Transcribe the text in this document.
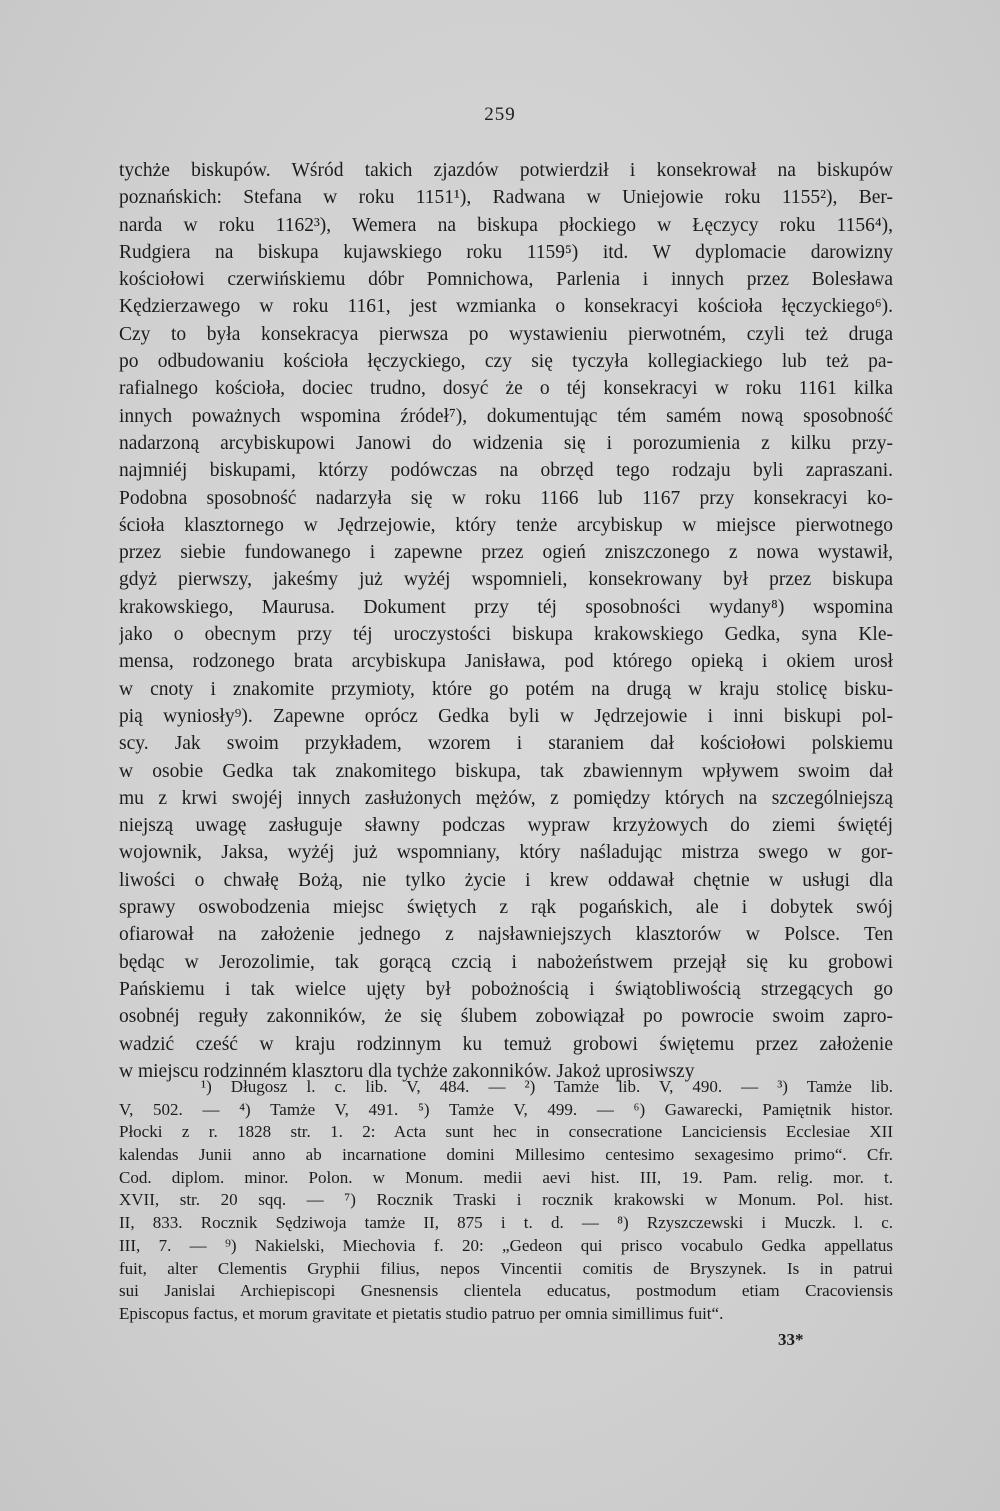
259
tychże biskupów. Wśród takich zjazdów potwierdził i konsekrował na biskupów
poznańskich: Stefana w roku 1151¹), Radwana w Uniejowie roku 1155²), Ber-
narda w roku 1162³), Wemera na biskupa płockiego w Łęczycy roku 1156⁴),
Rudgiera na biskupa kujawskiego roku 1159⁵) itd. W dyplomacie darowizny
kościołowi czerwińskiemu dóbr Pomnichowa, Parlenia i innych przez Bolesława
Kędzierzawego w roku 1161, jest wzmianka o konsekracyi kościoła łęczyckiego⁶).
Czy to była konsekracya pierwsza po wystawieniu pierwotném, czyli też druga
po odbudowaniu kościoła łęczyckiego, czy się tyczyła kollegiackiego lub też pa-
rafialnego kościoła, dociec trudno, dosyć że o téj konsekracyi w roku 1161 kilka
innych poważnych wspomina źródeł⁷), dokumentując tém samém nową sposobność
nadarzoną arcybiskupowi Janowi do widzenia się i porozumienia z kilku przy-
najmniéj biskupami, którzy podówczas na obrzęd tego rodzaju byli zapraszani.
Podobna sposobność nadarzyła się w roku 1166 lub 1167 przy konsekracyi ko-
ścioła klasztornego w Jędrzejowie, który tenże arcybiskup w miejsce pierwotnego
przez siebie fundowanego i zapewne przez ogień zniszczonego z nowa wystawił,
gdyż pierwszy, jakeśmy już wyżéj wspomnieli, konsekrowany był przez biskupa
krakowskiego, Maurusa. Dokument przy téj sposobności wydany⁸) wspomina
jako o obecnym przy téj uroczystości biskupa krakowskiego Gedka, syna Kle-
mensa, rodzonego brata arcybiskupa Janisława, pod którego opieką i okiem urosł
w cnoty i znakomite przymioty, które go potém na drugą w kraju stolicę bisku-
pią wyniosły⁹). Zapewne oprócz Gedka byli w Jędrzejowie i inni biskupi pol-
scy. Jak swoim przykładem, wzorem i staraniem dał kościołowi polskiemu
w osobie Gedka tak znakomitego biskupa, tak zbawiennym wpływem swoim dał
mu z krwi swojéj innych zasłużonych mężów, z pomiędzy których na szczególniejszą
niejszą uwagę zasługuje sławny podczas wypraw krzyżowych do ziemi świętéj
wojownik, Jaksa, wyżéj już wspomniany, który naśladując mistrza swego w gor-
liwości o chwałę Bożą, nie tylko życie i krew oddawał chętnie w usługi dla
sprawy oswobodzenia miejsc świętych z rąk pogańskich, ale i dobytek swój
ofiarował na założenie jednego z najsławniejszych klasztorów w Polsce. Ten
będąc w Jerozolimie, tak gorącą czcią i nabożeństwem przejął się ku grobowi
Pańskiemu i tak wielce ujęty był pobożnością i świątobliwością strzegących go
osobnéj reguły zakonników, że się ślubem zobowiązał po powrocie swoim zapro-
wadzić cześć w kraju rodzinnym ku temuż grobowi świętemu przez założenie
w miejscu rodzinném klasztoru dla tychże zakonników. Jakoż uprosiwszy
¹) Długosz l. c. lib. V, 484. — ²) Tamże lib. V, 490. — ³) Tamże lib.
V, 502. — ⁴) Tamże V, 491. ⁵) Tamże V, 499. — ⁶) Gawarecki, Pamiętnik histor.
Płocki z r. 1828 str. 1. 2: Acta sunt hec in consecratione Lanciciensis Ecclesiae XII
kalendas Junii anno ab incarnatione domini Millesimo centesimo sexagesimo primo“. Cfr.
Cod. diplom. minor. Polon. w Monum. medii aevi hist. III, 19. Pam. relig. mor. t.
XVII, str. 20 sqq. — ⁷) Rocznik Traski i rocznik krakowski w Monum. Pol. hist.
II, 833. Rocznik Sędziwoja tamże II, 875 i t. d. — ⁸) Rzyszczewski i Muczk. l. c.
III, 7. — ⁹) Nakielski, Miechovia f. 20: „Gedeon qui prisco vocabulo Gedka appellatus
fuit, alter Clementis Gryphii filius, nepos Vincentii comitis de Bryszynek. Is in patrui
sui Janislai Archiepiscopi Gnesnensis clientela educatus, postmodum etiam Cracoviensis
Episcopus factus, et morum gravitate et pietatis studio patruo per omnia simillimus fuit“.
33*
